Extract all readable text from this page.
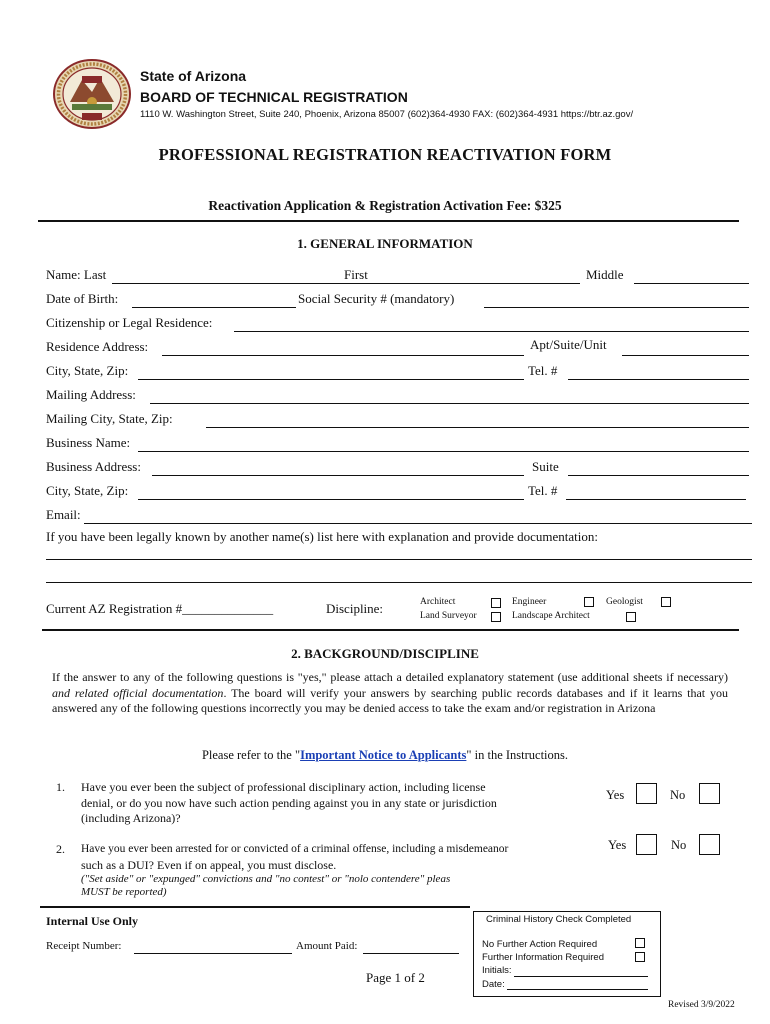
State of Arizona
BOARD OF TECHNICAL REGISTRATION
1110 W. Washington Street, Suite 240, Phoenix, Arizona 85007 (602)364-4930 FAX: (602)364-4931 https://btr.az.gov/
PROFESSIONAL REGISTRATION REACTIVATION FORM
Reactivation Application & Registration Activation Fee: $325
1. GENERAL INFORMATION
Name: Last	First	Middle
Date of Birth:	Social Security # (mandatory)
Citizenship or Legal Residence:
Residence Address:	Apt/Suite/Unit
City, State, Zip:	Tel. #
Mailing Address:
Mailing City, State, Zip:
Business Name:
Business Address:	Suite
City, State, Zip:	Tel. #
Email:
If you have been legally known by another name(s) list here with explanation and provide documentation:
Current AZ Registration #______________	Discipline:	Architect	Engineer	Geologist
Land Surveyor	Landscape Architect
2. BACKGROUND/DISCIPLINE
If the answer to any of the following questions is "yes," please attach a detailed explanatory statement (use additional sheets if necessary) and related official documentation. The board will verify your answers by searching public records databases and if it learns that you answered any of the following questions incorrectly you may be denied access to take the exam and/or registration in Arizona
Please refer to the "Important Notice to Applicants" in the Instructions.
1. Have you ever been the subject of professional disciplinary action, including license
denial, or do you now have such action pending against you in any state or jurisdiction
(including Arizona)?
Yes	No
2. Have you ever been arrested for or convicted of a criminal offense, including a misdemeanor
such as a DUI? Even if on appeal, you must disclose.
("Set aside" or "expunged" convictions and "no contest" or "nolo contendere" pleas
MUST be reported)
Yes	No
Internal Use Only
Receipt Number:	Amount Paid:
Page 1 of 2
Criminal History Check Completed
No Further Action Required
Further Information Required
Initials:
Date:
Revised 3/9/2022
